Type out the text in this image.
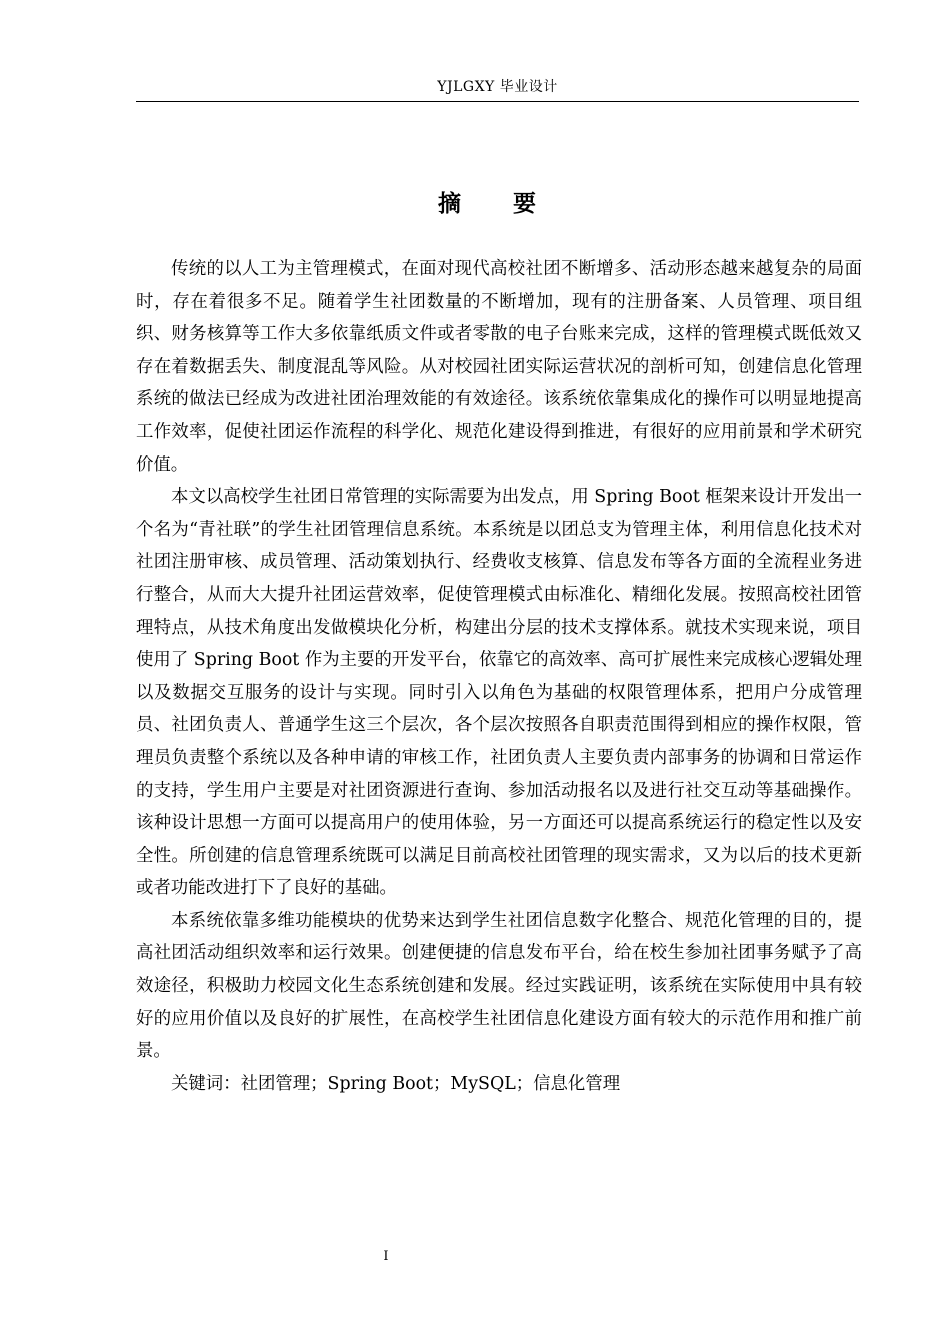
YJLGXY 毕业设计
摘 要

传统的以人工为主管理模式，在面对现代高校社团不断增多、活动形态越来越复杂的局面时，存在着很多不足。随着学生社团数量的不断增加，现有的注册备案、人员管理、项目组织、财务核算等工作大多依靠纸质文件或者零散的电子台账来完成，这样的管理模式既低效又存在着数据丢失、制度混乱等风险。从对校园社团实际运营状况的剖析可知，创建信息化管理系统的做法已经成为改进社团治理效能的有效途径。该系统依靠集成化的操作可以明显地提高工作效率，促使社团运作流程的科学化、规范化建设得到推进，有很好的应用前景和学术研究价值。

本文以高校学生社团日常管理的实际需要为出发点，用 Spring Boot 框架来设计开发出一个名为“青社联”的学生社团管理信息系统。本系统是以团总支为管理主体，利用信息化技术对社团注册审核、成员管理、活动策划执行、经费收支核算、信息发布等各方面的全流程业务进行整合，从而大大提升社团运营效率，促使管理模式由标准化、精细化发展。按照高校社团管理特点，从技术角度出发做模块化分析，构建出分层的技术支撑体系。就技术实现来说，项目使用了 Spring Boot 作为主要的开发平台，依靠它的高效率、高可扩展性来完成核心逻辑处理以及数据交互服务的设计与实现。同时引入以角色为基础的权限管理体系，把用户分成管理员、社团负责人、普通学生这三个层次，各个层次按照各自职责范围得到相应的操作权限，管理员负责整个系统以及各种申请的审核工作，社团负责人主要负责内部事务的协调和日常运作的支持，学生用户主要是对社团资源进行查询、参加活动报名以及进行社交互动等基础操作。该种设计思想一方面可以提高用户的使用体验，另一方面还可以提高系统运行的稳定性以及安全性。所创建的信息管理系统既可以满足目前高校社团管理的现实需求，又为以后的技术更新或者功能改进打下了良好的基础。

本系统依靠多维功能模块的优势来达到学生社团信息数字化整合、规范化管理的目的，提高社团活动组织效率和运行效果。创建便捷的信息发布平台，给在校生参加社团事务赋予了高效途径，积极助力校园文化生态系统创建和发展。经过实践证明，该系统在实际使用中具有较好的应用价值以及良好的扩展性，在高校学生社团信息化建设方面有较大的示范作用和推广前景。

关键词：社团管理；Spring Boot；MySQL；信息化管理

I
